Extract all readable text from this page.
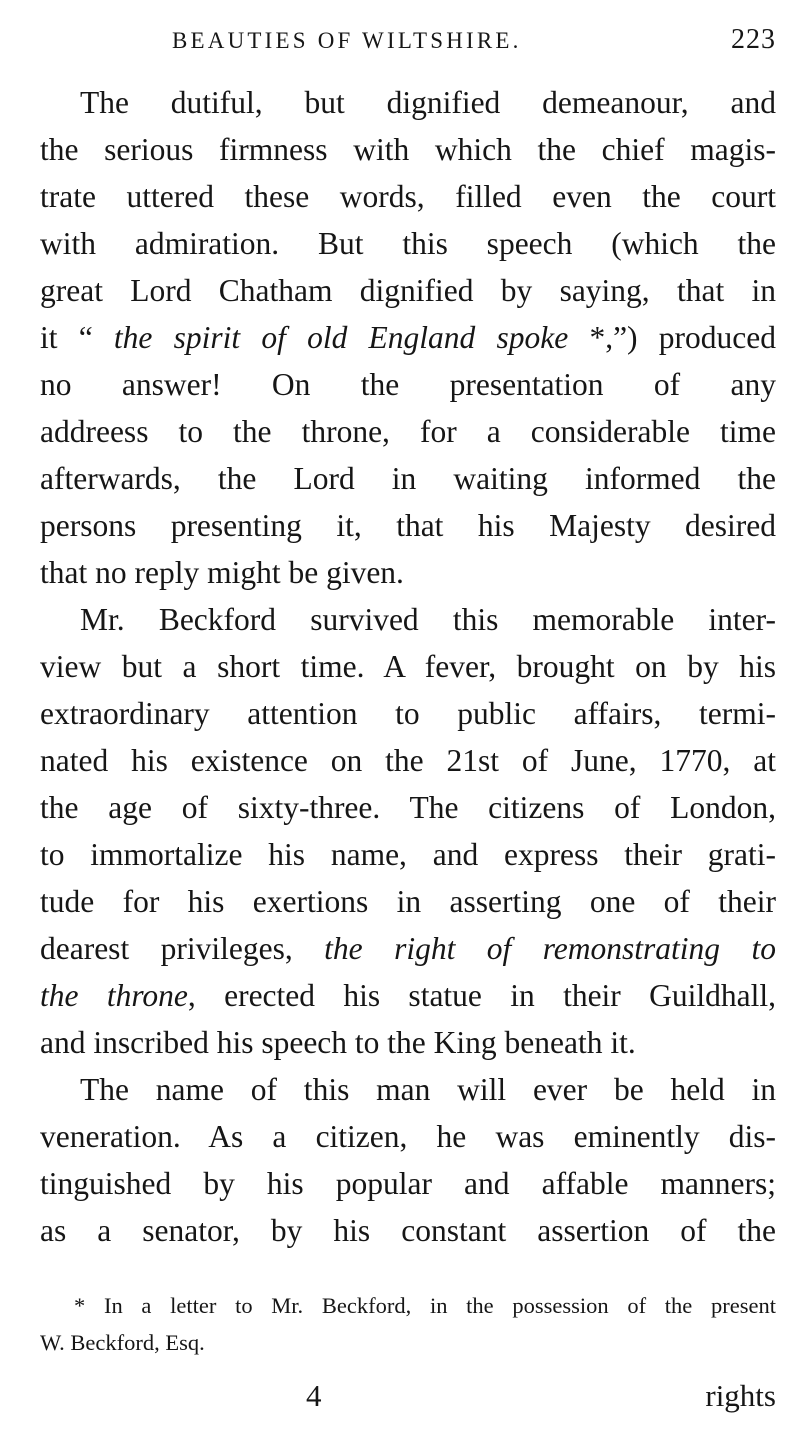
BEAUTIES OF WILTSHIRE.	223
The dutiful, but dignified demeanour, and
the serious firmness with which the chief magis-
trate uttered these words, filled even the court
with admiration. But this speech (which the
great Lord Chatham dignified by saying, that in
it “ the spirit of old England spoke *,”) produced
no answer! On the presentation of any
addreess to the throne, for a considerable time
afterwards, the Lord in waiting informed the
persons presenting it, that his Majesty desired
that no reply might be given.
Mr. Beckford survived this memorable inter-
view but a short time. A fever, brought on by his
extraordinary attention to public affairs, termi-
nated his existence on the 21st of June, 1770, at
the age of sixty-three. The citizens of London,
to immortalize his name, and express their grati-
tude for his exertions in asserting one of their
dearest privileges, the right of remonstrating to
the throne, erected his statue in their Guildhall,
and inscribed his speech to the King beneath it.
The name of this man will ever be held in
veneration. As a citizen, he was eminently dis-
tinguished by his popular and affable manners;
as a senator, by his constant assertion of the
* In a letter to Mr. Beckford, in the possession of the present
W. Beckford, Esq.
4	rights
